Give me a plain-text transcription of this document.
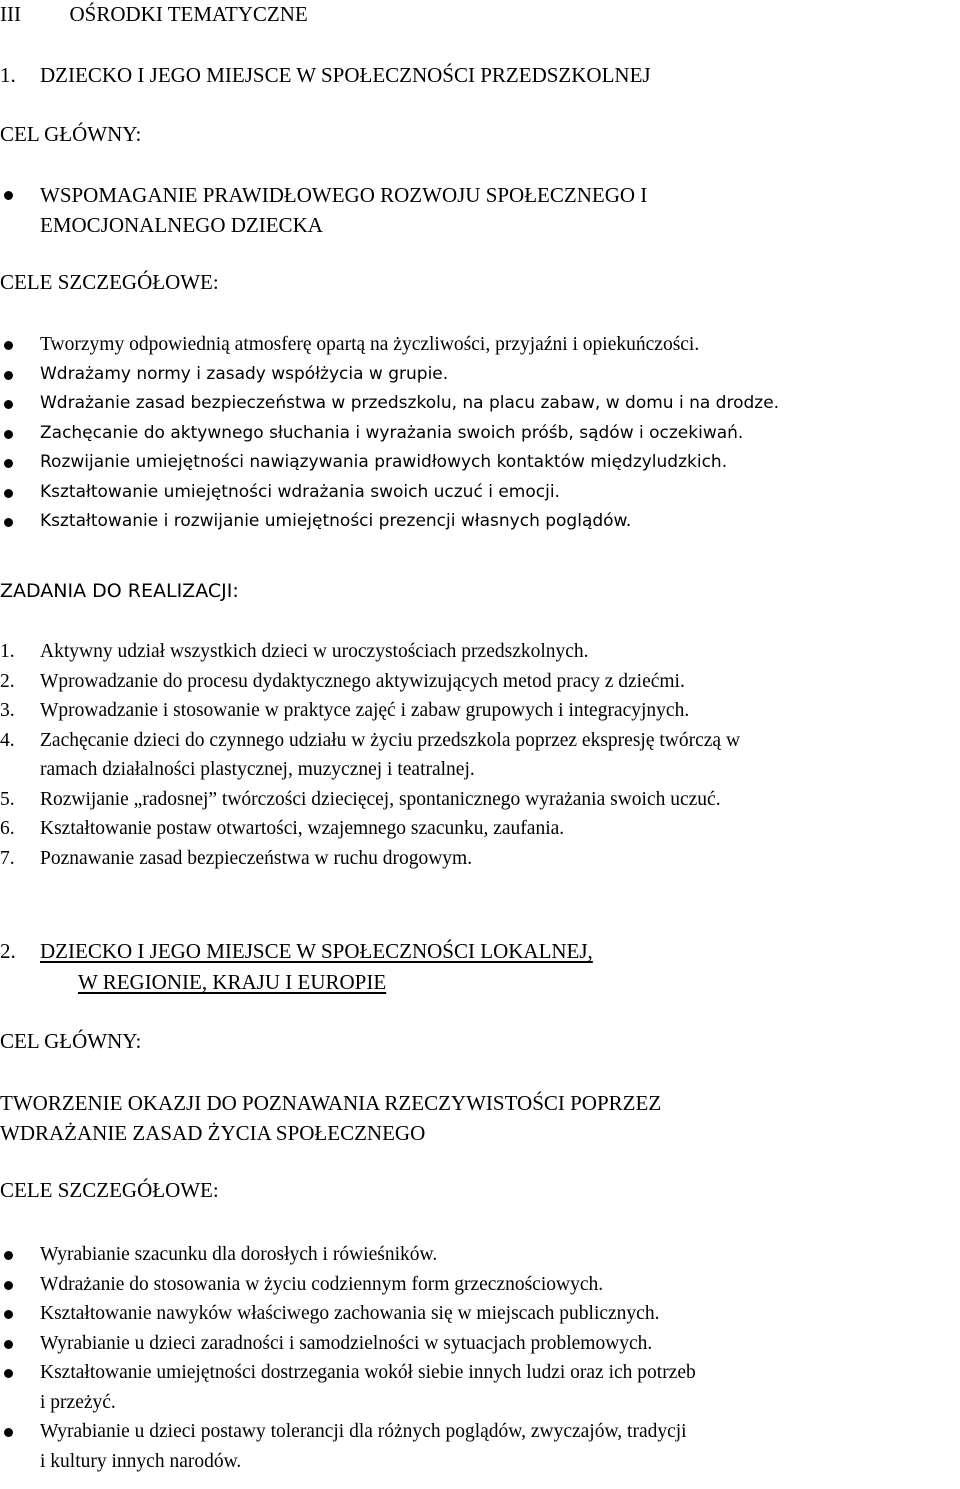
III OŚRODKI TEMATYCZNE
1. DZIECKO I JEGO MIEJSCE W SPOŁECZNOŚCI PRZEDSZKOLNEJ
CEL GŁÓWNY:
WSPOMAGANIE PRAWIDŁOWEGO ROZWOJU SPOŁECZNEGO I
EMOCJONALNEGO DZIECKA
CELE SZCZEGÓŁOWE:
Tworzymy odpowiednią atmosferę opartą na życzliwości, przyjaźni i opiekuńczości.
Wdrażamy normy i zasady współżycia w grupie.
Wdrażanie zasad bezpieczeństwa w przedszkolu, na placu zabaw, w domu i na drodze.
Zachęcanie do aktywnego słuchania i wyrażania swoich próśb, sądów i oczekiwań.
Rozwijanie umiejętności nawiązywania prawidłowych kontaktów międzyludzkich.
Kształtowanie umiejętności wdrażania swoich uczuć i emocji.
Kształtowanie i rozwijanie umiejętności prezencji własnych poglądów.
ZADANIA DO REALIZACJI:
1. Aktywny udział wszystkich dzieci w uroczystościach przedszkolnych.
2. Wprowadzanie do procesu dydaktycznego aktywizujących metod pracy z dziećmi.
3. Wprowadzanie i stosowanie w praktyce zajęć i zabaw grupowych i integracyjnych.
4. Zachęcanie dzieci do czynnego udziału w życiu przedszkola poprzez ekspresję twórczą w
ramach działalności plastycznej, muzycznej i teatralnej.
5. Rozwijanie „radosnej” twórczości dziecięcej, spontanicznego wyrażania swoich uczuć.
6. Kształtowanie postaw otwartości, wzajemnego szacunku, zaufania.
7. Poznawanie zasad bezpieczeństwa w ruchu drogowym.
2. DZIECKO I JEGO MIEJSCE W SPOŁECZNOŚCI LOKALNEJ,
W REGIONIE, KRAJU I EUROPIE
CEL GŁÓWNY:
TWORZENIE OKAZJI DO POZNAWANIA RZECZYWISTOŚCI POPRZEZ
WDRAŻANIE ZASAD ŻYCIA SPOŁECZNEGO
CELE SZCZEGÓŁOWE:
Wyrabianie szacunku dla dorosłych i rówieśników.
Wdrażanie do stosowania w życiu codziennym form grzecznościowych.
Kształtowanie nawyków właściwego zachowania się w miejscach publicznych.
Wyrabianie u dzieci zaradności i samodzielności w sytuacjach problemowych.
Kształtowanie umiejętności dostrzegania wokół siebie innych ludzi oraz ich potrzeb
i przeżyć.
Wyrabianie u dzieci postawy tolerancji dla różnych poglądów, zwyczajów, tradycji
i kultury innych narodów.
